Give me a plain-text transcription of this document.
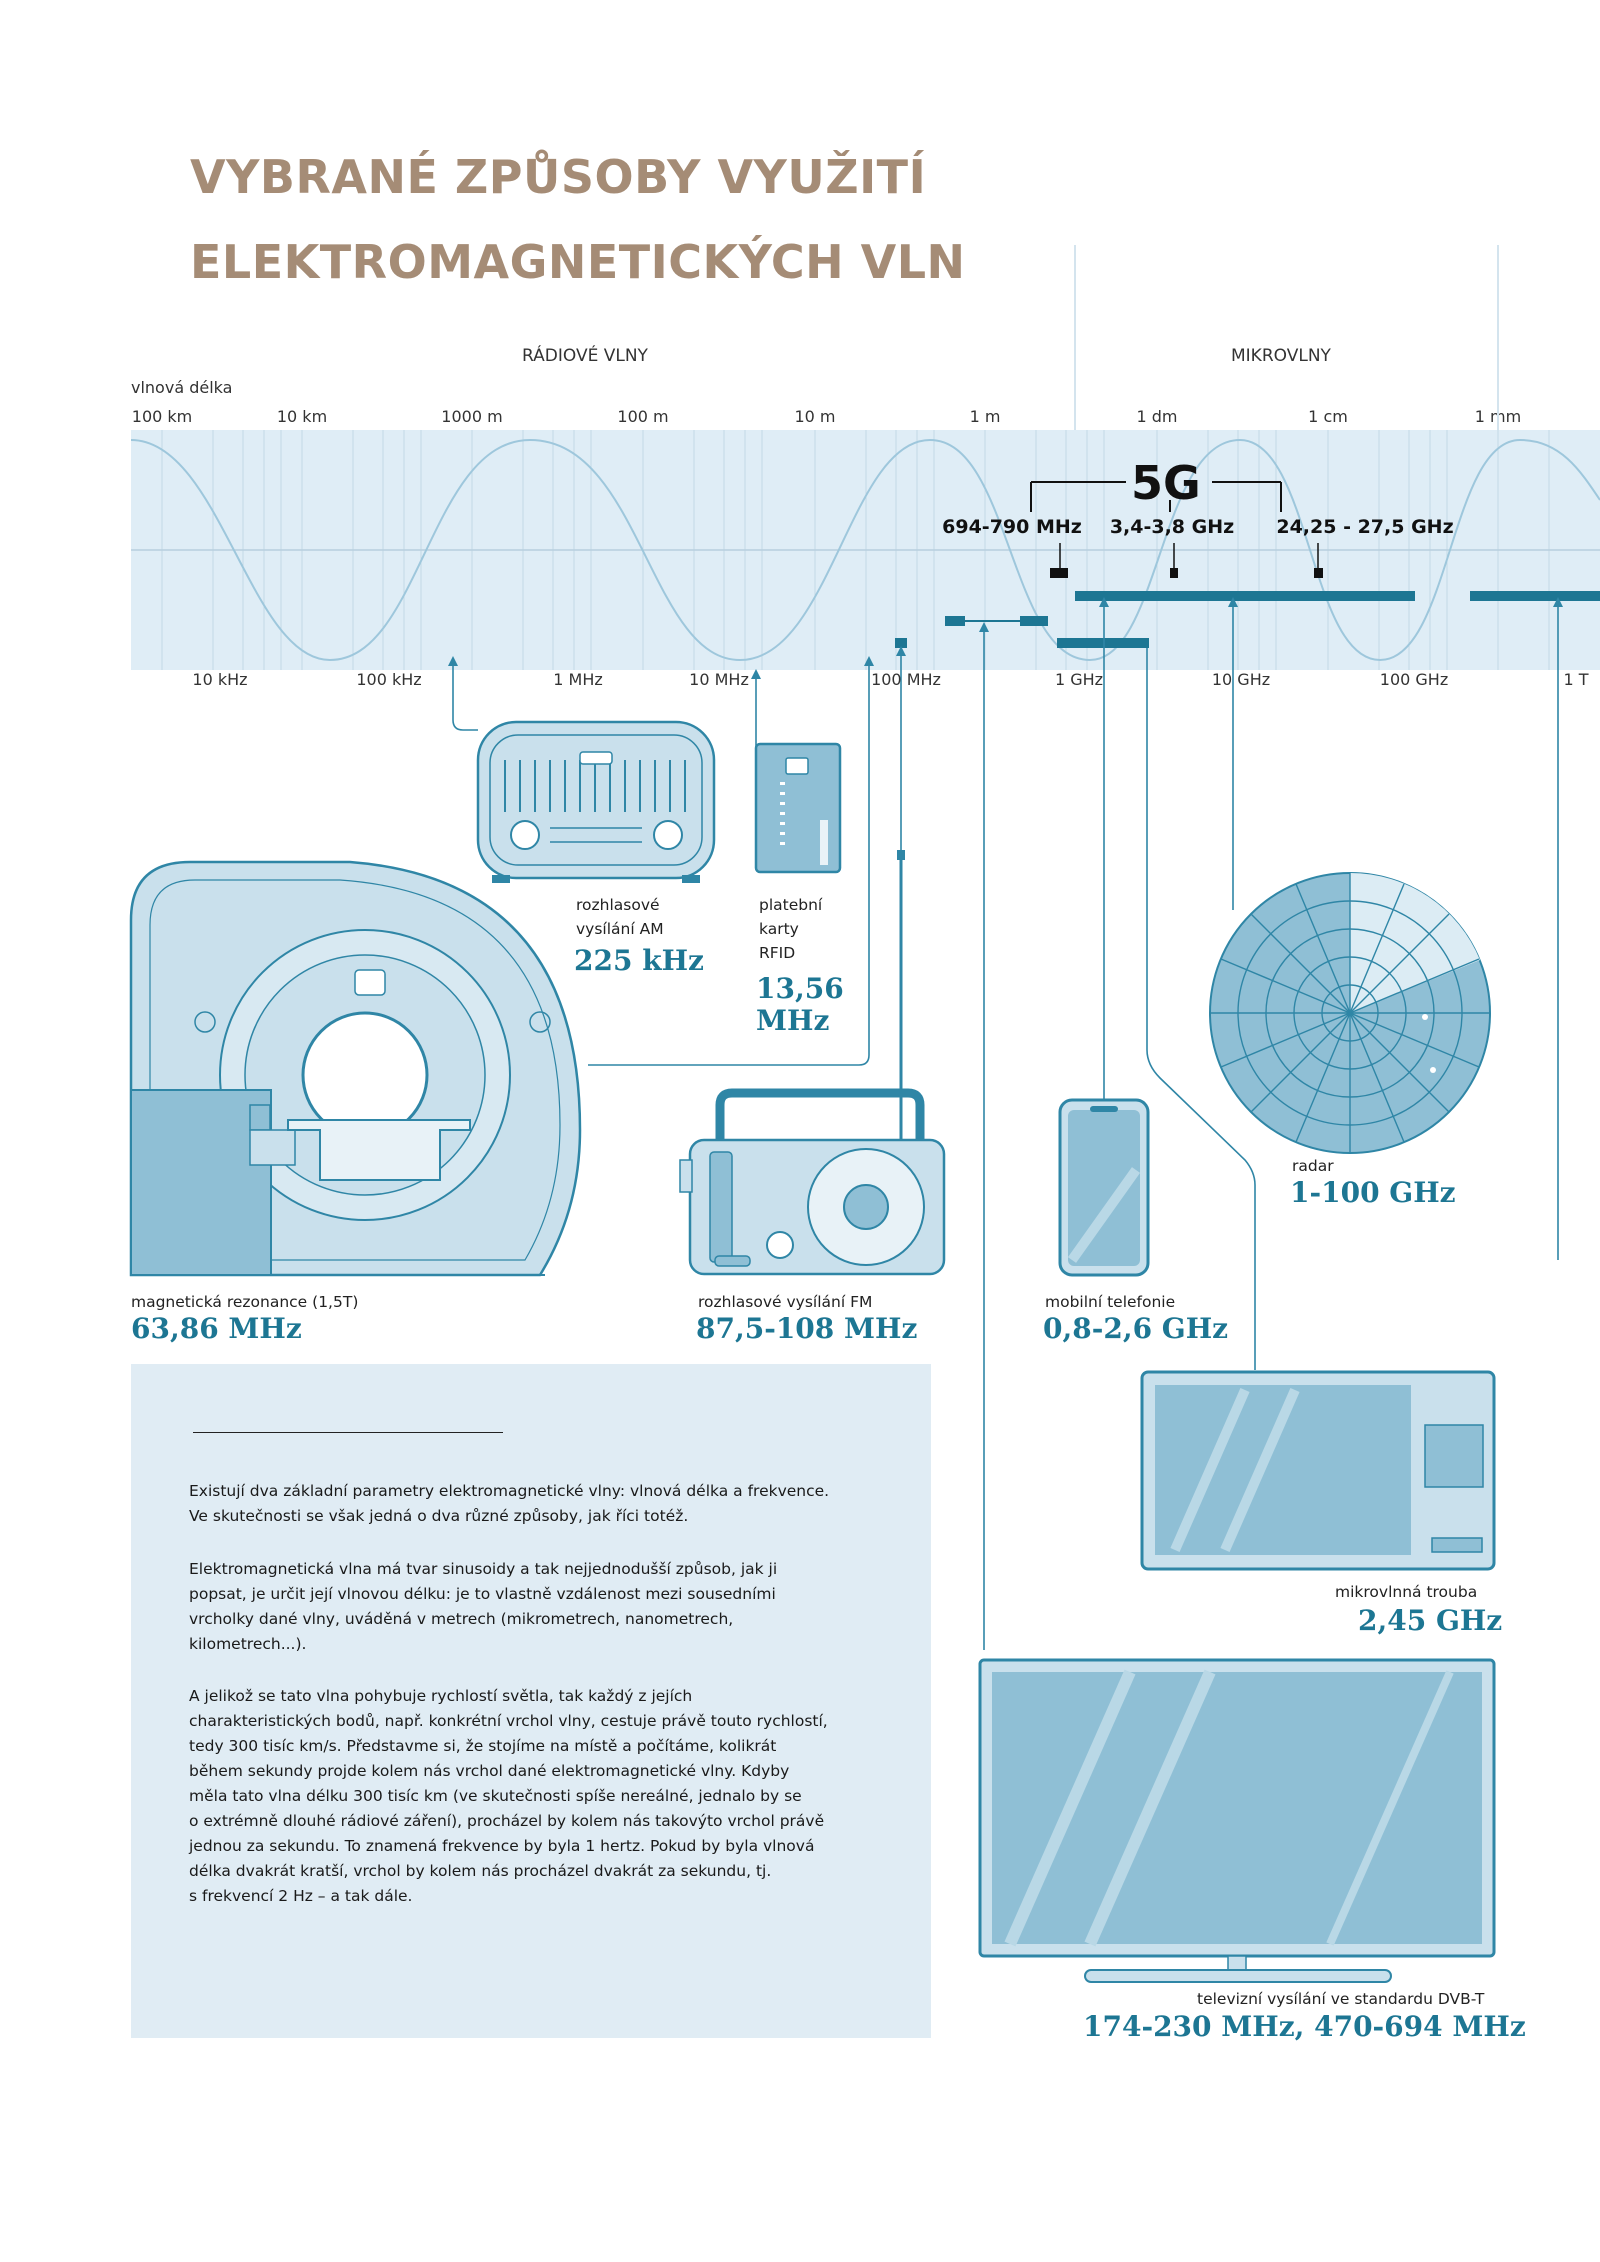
VYBRANÉ ZPŮSOBY VYUŽITÍ
ELEKTROMAGNETICKÝCH VLN
RÁDIOVÉ VLNY	MIKROVLNY
vlnová délka
100 km	10 km	1000 m	100 m	10 m	1 m	1 dm	1 cm	1 mm
5G
694-790 MHz 3,4-3,8 GHz 24,25 - 27,5 GHz
10 kHz	100 kHz	1 MHz	10 MHz	100 MHz	1 GHz	10 GHz	100 GHz	1 T
rozhlasové
vysílání AM
225 kHz
platební
karty
RFID
13,56
MHz
radar
1-100 GHz
magnetická rezonance (1,5T)
63,86 MHz
rozhlasové vysílání FM
87,5-108 MHz
mobilní telefonie
0,8-2,6 GHz
mikrovlnná trouba
2,45 GHz
televizní vysílání ve standardu DVB-T
174-230 MHz, 470-694 MHz
Existují dva základní parametry elektromagnetické vlny: vlnová délka a frekvence.
Ve skutečnosti se však jedná o dva různé způsoby, jak říci totéž.
Elektromagnetická vlna má tvar sinusoidy a tak nejjednodušší způsob, jak ji
popsat, je určit její vlnovou délku: je to vlastně vzdálenost mezi sousedními
vrcholky dané vlny, uváděná v metrech (mikrometrech, nanometrech,
kilometrech...).
A jelikož se tato vlna pohybuje rychlostí světla, tak každý z jejích
charakteristických bodů, např. konkrétní vrchol vlny, cestuje právě touto rychlostí,
tedy 300 tisíc km/s. Představme si, že stojíme na místě a počítáme, kolikrát
během sekundy projde kolem nás vrchol dané elektromagnetické vlny. Kdyby
měla tato vlna délku 300 tisíc km (ve skutečnosti spíše nereálné, jednalo by se
o extrémně dlouhé rádiové záření), procházel by kolem nás takovýto vrchol právě
jednou za sekundu. To znamená frekvence by byla 1 hertz. Pokud by byla vlnová
délka dvakrát kratší, vrchol by kolem nás procházel dvakrát za sekundu, tj.
s frekvencí 2 Hz – a tak dále.
